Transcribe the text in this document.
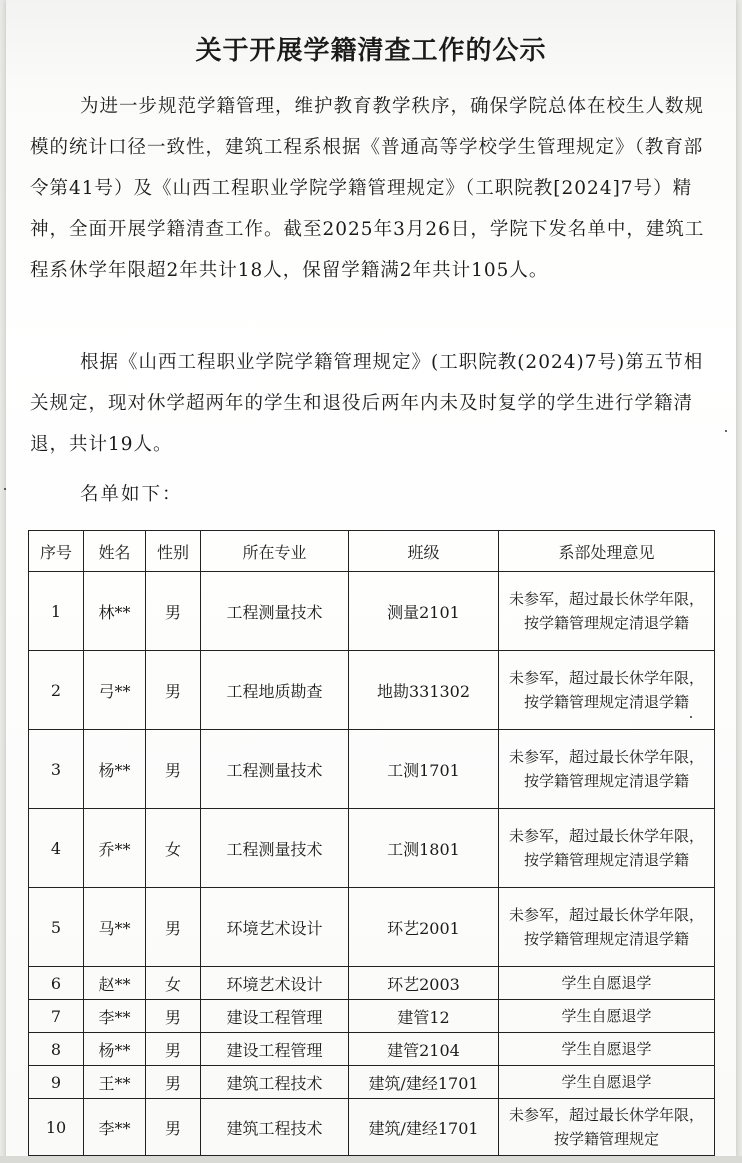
关于开展学籍清查工作的公示

为进一步规范学籍管理，维护教育教学秩序，确保学院总体在校生人数规模的统计口径一致性，建筑工程系根据《普通高等学校学生管理规定》（教育部令第41号）及《山西工程职业学院学籍管理规定》（工职院教[2024]7号）精神，全面开展学籍清查工作。截至2025年3月26日，学院下发名单中，建筑工程系休学年限超2年共计18人，保留学籍满2年共计105人。

根据《山西工程职业学院学籍管理规定》(工职院教(2024)7号)第五节相关规定，现对休学超两年的学生和退役后两年内未及时复学的学生进行学籍清退，共计19人。

名单如下：

序号	姓名	性别	所在专业	班级	系部处理意见
1	林**	男	工程测量技术	测量2101	未参军，超过最长休学年限，按学籍管理规定清退学籍
2	弓**	男	工程地质勘查	地勘331302	未参军，超过最长休学年限，按学籍管理规定清退学籍
3	杨**	男	工程测量技术	工测1701	未参军，超过最长休学年限，按学籍管理规定清退学籍
4	乔**	女	工程测量技术	工测1801	未参军，超过最长休学年限，按学籍管理规定清退学籍
5	马**	男	环境艺术设计	环艺2001	未参军，超过最长休学年限，按学籍管理规定清退学籍
6	赵**	女	环境艺术设计	环艺2003	学生自愿退学
7	李**	男	建设工程管理	建管12	学生自愿退学
8	杨**	男	建设工程管理	建管2104	学生自愿退学
9	王**	男	建筑工程技术	建筑/建经1701	学生自愿退学
10	李**	男	建筑工程技术	建筑/建经1701	未参军，超过最长休学年限，按学籍管理规定
